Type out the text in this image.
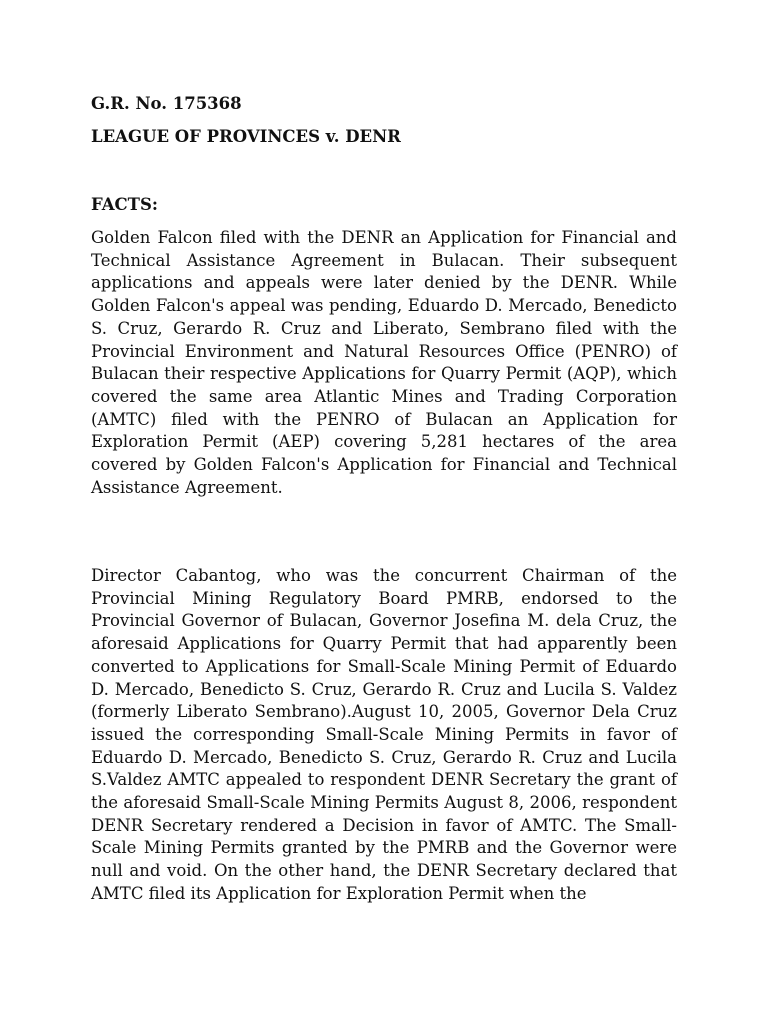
G.R. No. 175368

LEAGUE OF PROVINCES v. DENR

FACTS:

Golden Falcon filed with the DENR an Application for Financial and Technical Assistance Agreement in Bulacan. Their subsequent applications and appeals were later denied by the DENR. While Golden Falcon's appeal was pending, Eduardo D. Mercado, Benedicto S. Cruz, Gerardo R. Cruz and Liberato, Sembrano filed with the Provincial Environment and Natural Resources Office (PENRO) of Bulacan their respective Applications for Quarry Permit (AQP), which covered the same area Atlantic Mines and Trading Corporation (AMTC) filed with the PENRO of Bulacan an Application for Exploration Permit (AEP) covering 5,281 hectares of the area covered by Golden Falcon's Application for Financial and Technical Assistance Agreement.

Director Cabantog, who was the concurrent Chairman of the Provincial Mining Regulatory Board PMRB, endorsed to the Provincial Governor of Bulacan, Governor Josefina M. dela Cruz, the aforesaid Applications for Quarry Permit that had apparently been converted to Applications for Small-Scale Mining Permit of Eduardo D. Mercado, Benedicto S. Cruz, Gerardo R. Cruz and Lucila S. Valdez (formerly Liberato Sembrano).August 10, 2005, Governor Dela Cruz issued the corresponding Small-Scale Mining Permits in favor of Eduardo D. Mercado, Benedicto S. Cruz, Gerardo R. Cruz and Lucila S.Valdez AMTC appealed to respondent DENR Secretary the grant of the aforesaid Small-Scale Mining Permits August 8, 2006, respondent DENR Secretary rendered a Decision in favor of AMTC. The Small-Scale Mining Permits granted by the PMRB and the Governor were null and void. On the other hand, the DENR Secretary declared that AMTC filed its Application for Exploration Permit when the
